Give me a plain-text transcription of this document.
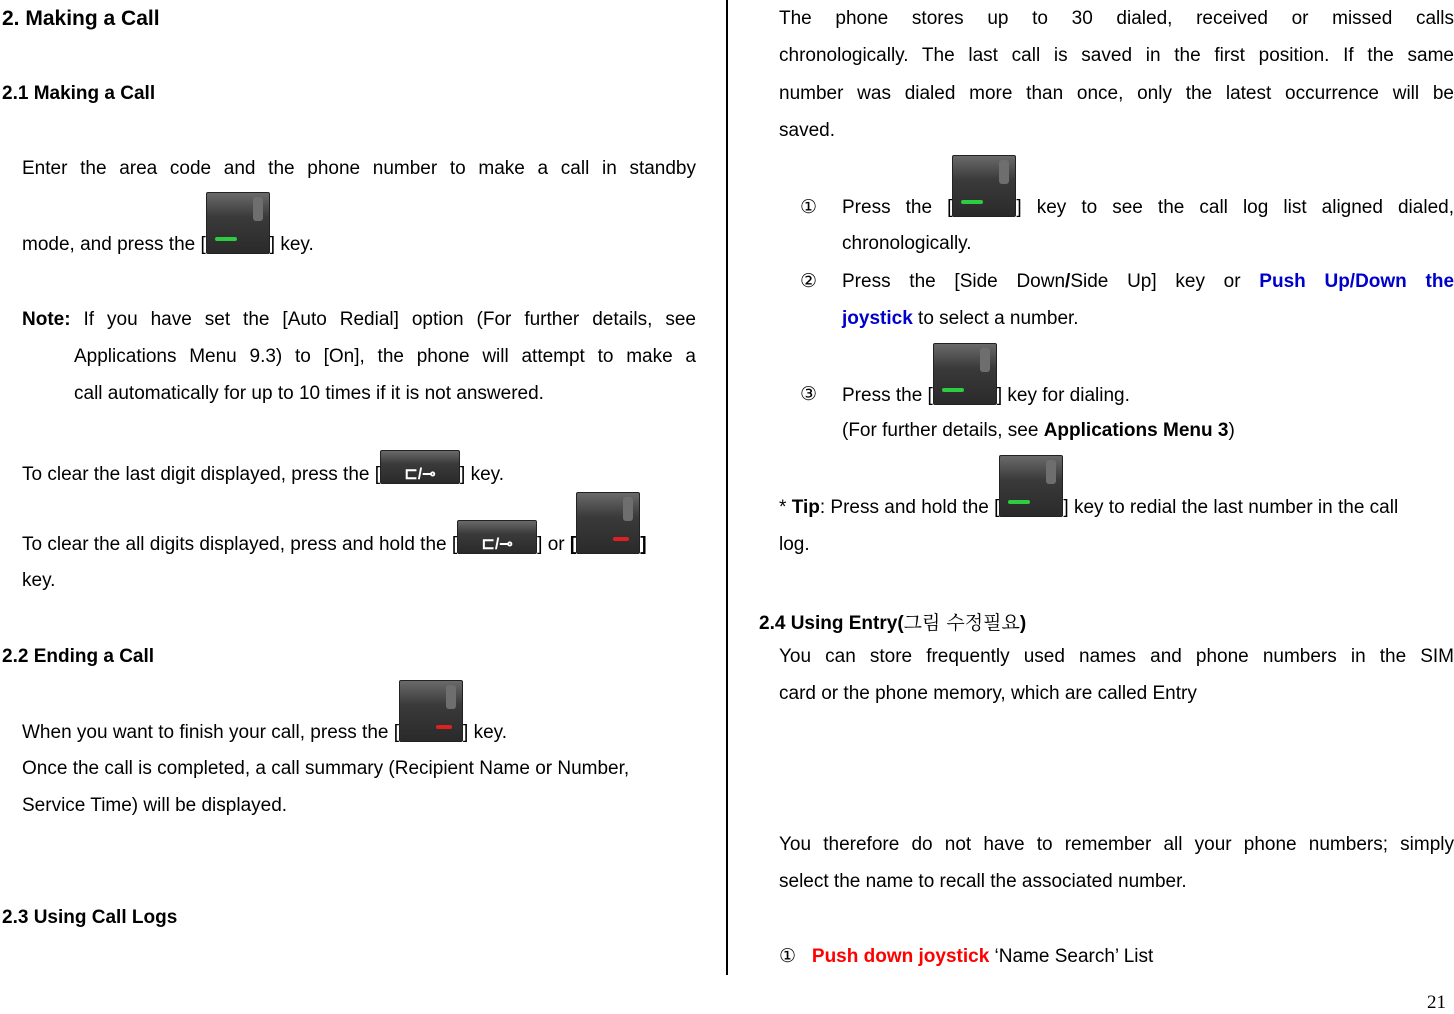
2. Making a Call
2.1 Making a Call
Enter the area code and the phone number to make a call in standby
mode, and press the [	] key.
Note: If you have set the [Auto Redial] option (For further details, see
Applications Menu 9.3) to [On], the phone will attempt to make a
call automatically for up to 10 times if it is not answered.
To clear the last digit displayed, press the [ ⊏/⊸	] key.
To clear the all digits displayed, press and hold the [ ⊏/⊸	] or [	]
key.
2.2 Ending a Call
When you want to finish your call, press the [	] key.
Once the call is completed, a call summary (Recipient Name or Number,
Service Time) will be displayed.
2.3 Using Call Logs
The phone stores up to 30 dialed, received or missed calls
chronologically. The last call is saved in the first position. If the same
number was dialed more than once, only the latest occurrence will be
saved.
① Press the [	] key to see the call log list aligned dialed,
chronologically.
② Press the [Side Down/Side Up] key or Push Up/Down the
joystick to select a number.
③ Press the [	] key for dialing.
(For further details, see Applications Menu 3)
* Tip: Press and hold the [	] key to redial the last number in the call
log.
2.4 Using Entry(그림 수정필요)
You can store frequently used names and phone numbers in the SIM
card or the phone memory, which are called Entry
You therefore do not have to remember all your phone numbers; simply
select the name to recall the associated number.
① Push down joystick ‘Name Search’ List
21
